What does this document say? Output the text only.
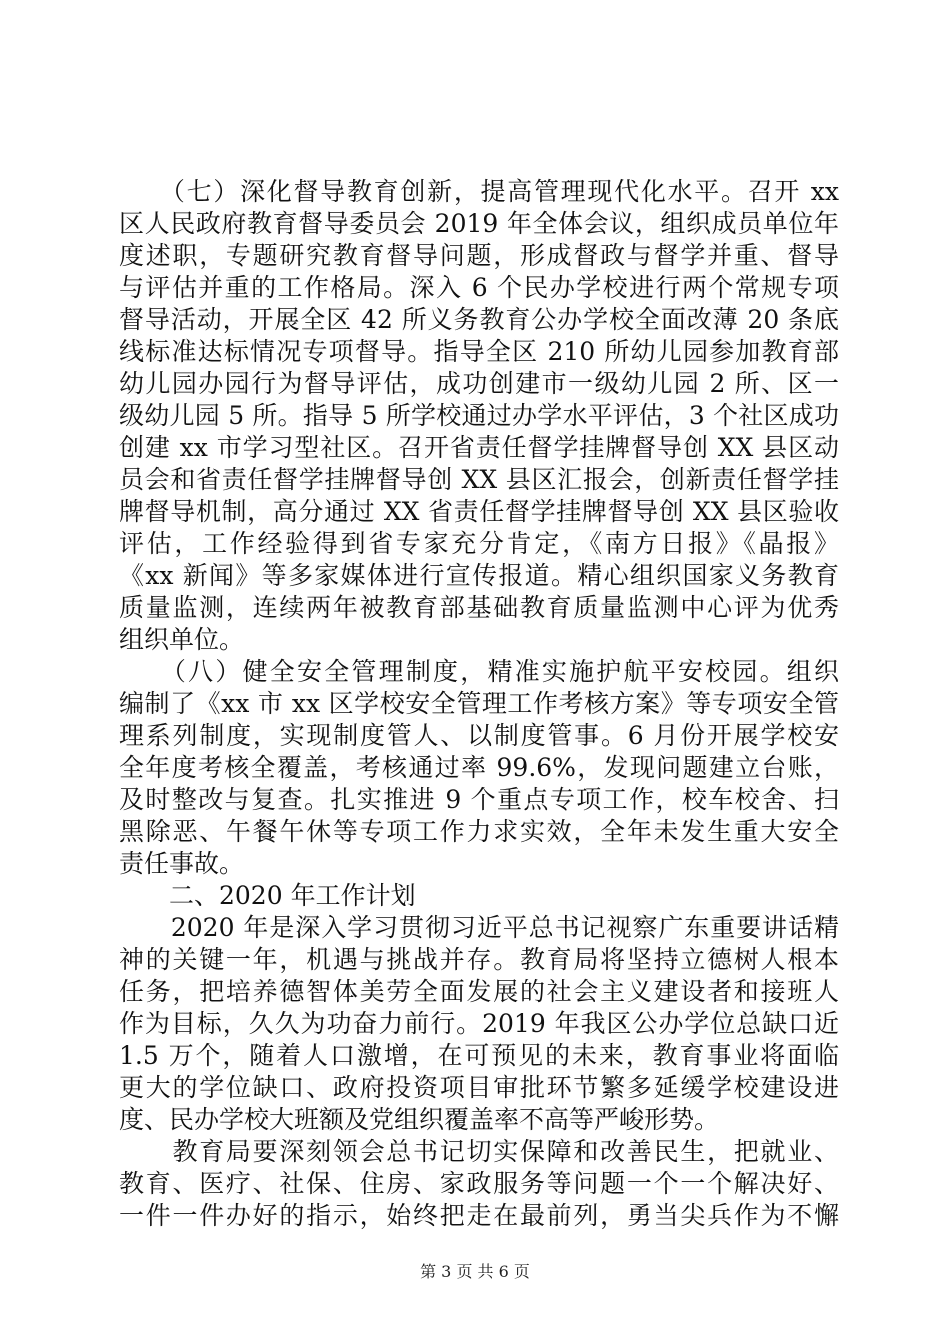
　　（七）深化督导教育创新，提高管理现代化水平。召开 xx
区人民政府教育督导委员会 2019 年全体会议，组织成员单位年
度述职，专题研究教育督导问题，形成督政与督学并重、督导
与评估并重的工作格局。深入 6 个民办学校进行两个常规专项
督导活动，开展全区 42 所义务教育公办学校全面改薄 20 条底
线标准达标情况专项督导。指导全区 210 所幼儿园参加教育部
幼儿园办园行为督导评估，成功创建市一级幼儿园 2 所、区一
级幼儿园 5 所。指导 5 所学校通过办学水平评估，3 个社区成功
创建 xx 市学习型社区。召开省责任督学挂牌督导创 XX 县区动
员会和省责任督学挂牌督导创 XX 县区汇报会，创新责任督学挂
牌督导机制，高分通过 XX 省责任督学挂牌督导创 XX 县区验收
评估，工作经验得到省专家充分肯定，《南方日报》《晶报》
《xx 新闻》等多家媒体进行宣传报道。精心组织国家义务教育
质量监测，连续两年被教育部基础教育质量监测中心评为优秀
组织单位。
　　（八）健全安全管理制度，精准实施护航平安校园。组织
编制了《xx 市 xx 区学校安全管理工作考核方案》等专项安全管
理系列制度，实现制度管人、以制度管事。6 月份开展学校安
全年度考核全覆盖，考核通过率 99.6%，发现问题建立台账，
及时整改与复查。扎实推进 9 个重点专项工作，校车校舍、扫
黑除恶、午餐午休等专项工作力求实效，全年未发生重大安全
责任事故。
　　二、2020 年工作计划
　　2020 年是深入学习贯彻习近平总书记视察广东重要讲话精
神的关键一年，机遇与挑战并存。教育局将坚持立德树人根本
任务，把培养德智体美劳全面发展的社会主义建设者和接班人
作为目标，久久为功奋力前行。2019 年我区公办学位总缺口近
1.5 万个，随着人口激增，在可预见的未来，教育事业将面临
更大的学位缺口、政府投资项目审批环节繁多延缓学校建设进
度、民办学校大班额及党组织覆盖率不高等严峻形势。
　　教育局要深刻领会总书记切实保障和改善民生，把就业、
教育、医疗、社保、住房、家政服务等问题一个一个解决好、
一件一件办好的指示，始终把走在最前列，勇当尖兵作为不懈
第 3 页 共 6 页
